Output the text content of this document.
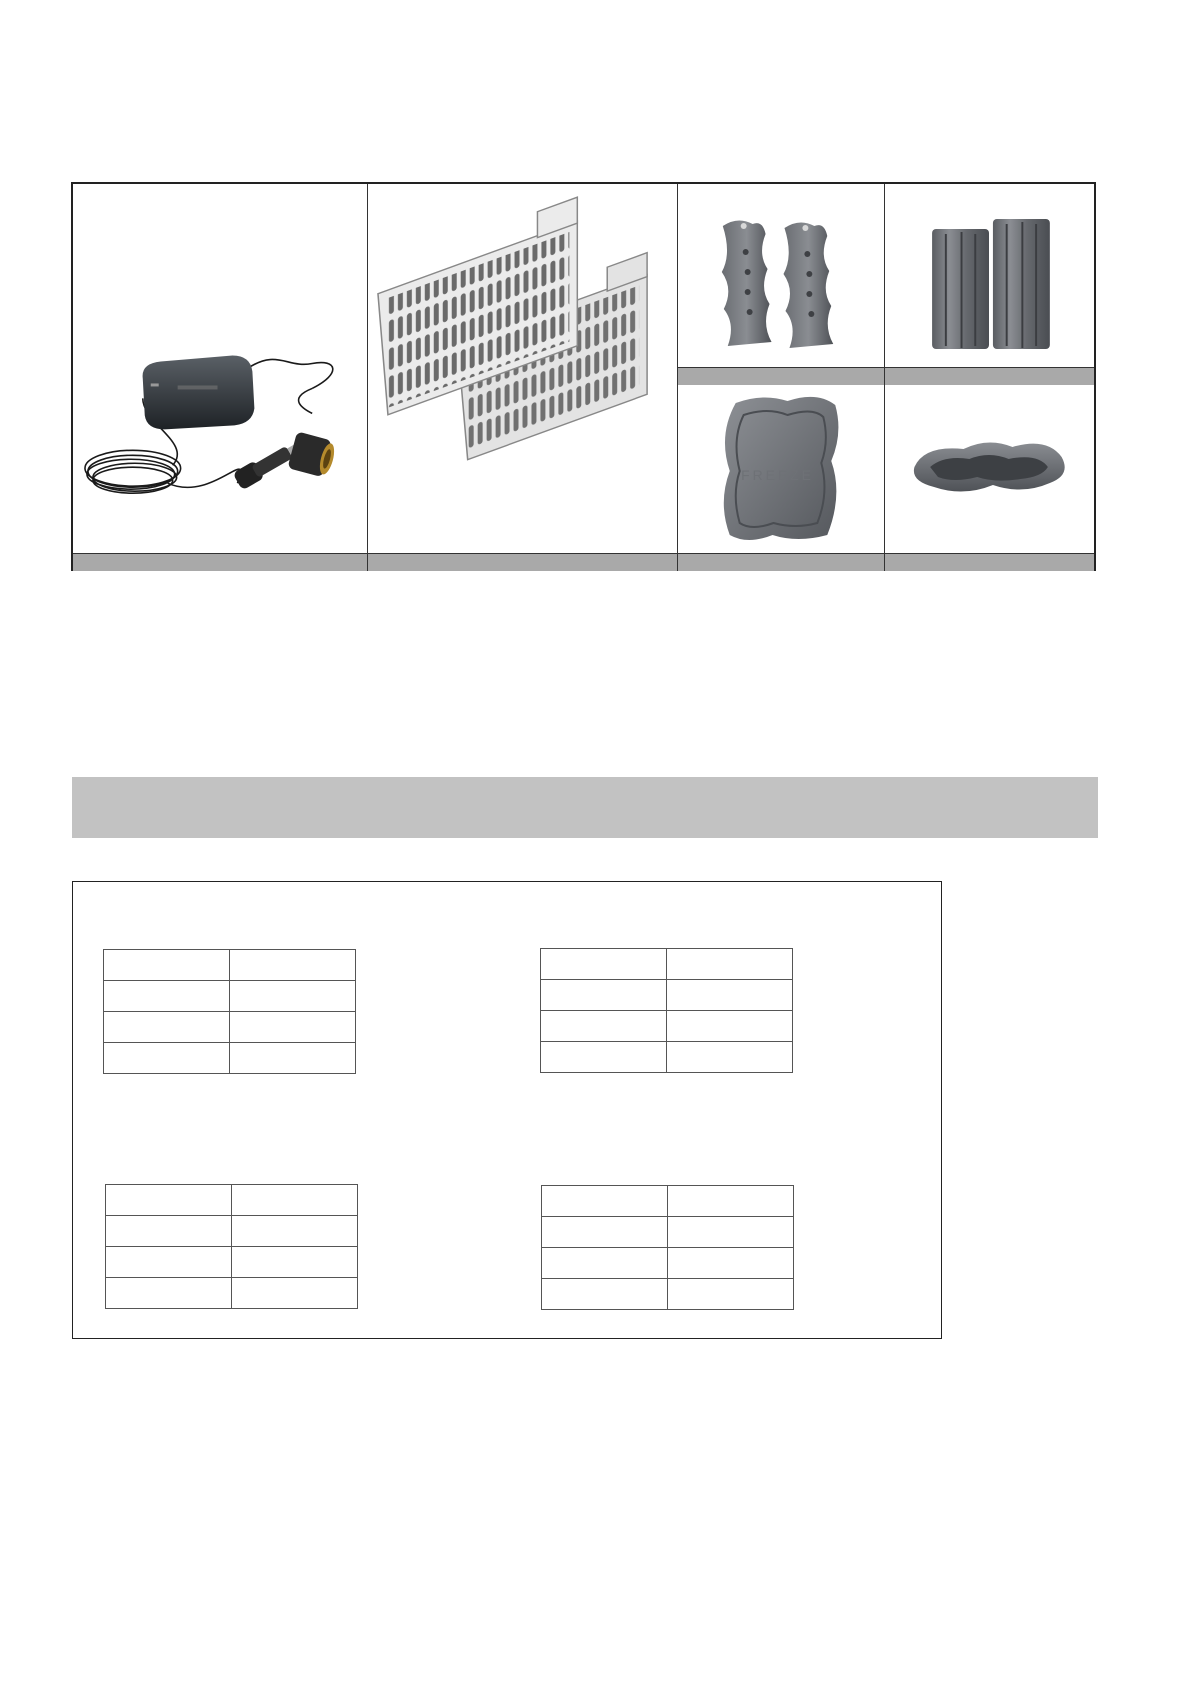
FREEZE
